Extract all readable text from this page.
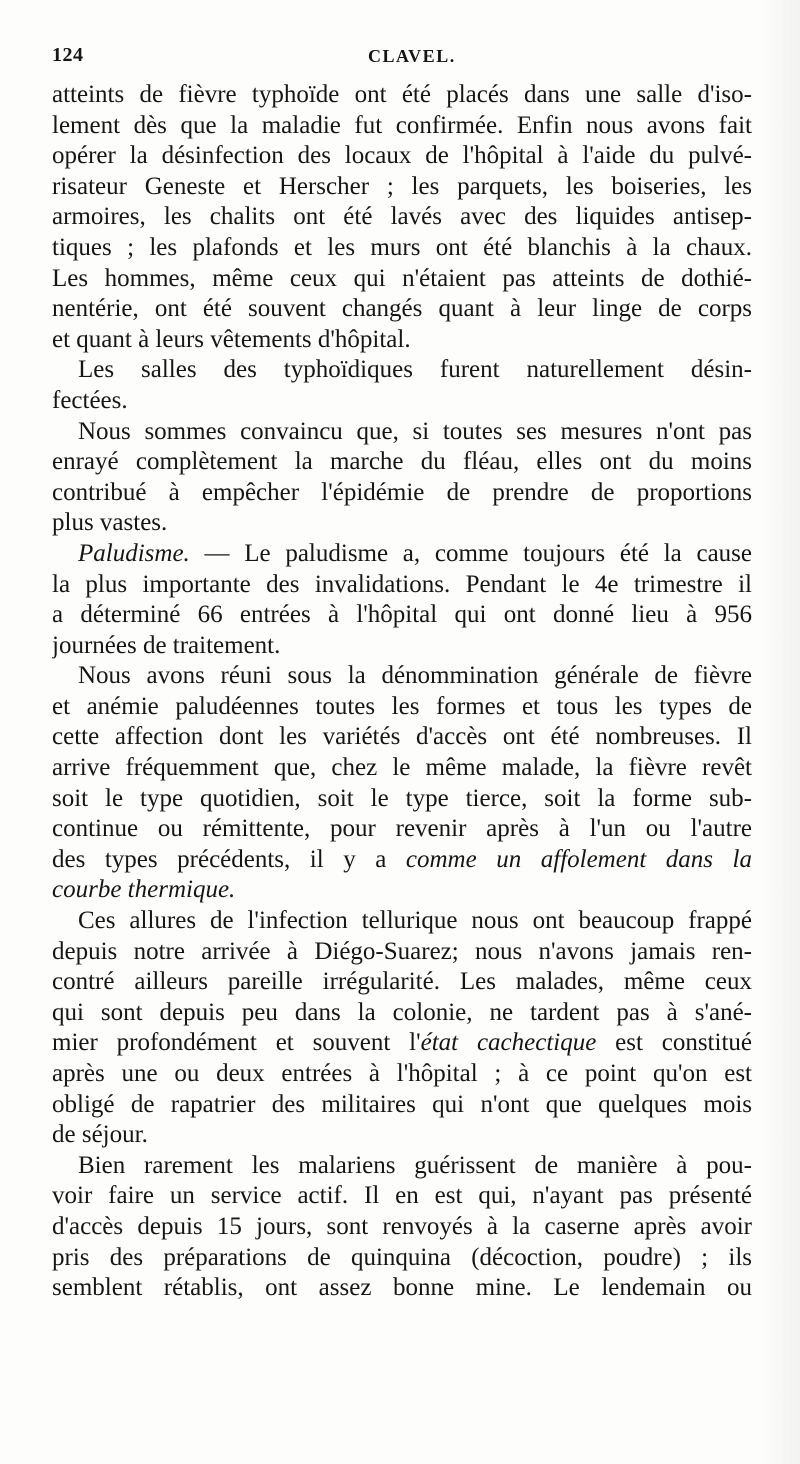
124	CLAVEL.
atteints de fièvre typhoïde ont été placés dans une salle d'iso-
lement dès que la maladie fut confirmée. Enfin nous avons fait
opérer la désinfection des locaux de l'hôpital à l'aide du pulvé-
risateur Geneste et Herscher ; les parquets, les boiseries, les
armoires, les chalits ont été lavés avec des liquides antisep-
tiques ; les plafonds et les murs ont été blanchis à la chaux.
Les hommes, même ceux qui n'étaient pas atteints de dothié-
nentérie, ont été souvent changés quant à leur linge de corps
et quant à leurs vêtements d'hôpital.
Les salles des typhoïdiques furent naturellement désin-
fectées.
Nous sommes convaincu que, si toutes ses mesures n'ont pas
enrayé complètement la marche du fléau, elles ont du moins
contribué à empêcher l'épidémie de prendre de proportions
plus vastes.
Paludisme. — Le paludisme a, comme toujours été la cause
la plus importante des invalidations. Pendant le 4e trimestre il
a déterminé 66 entrées à l'hôpital qui ont donné lieu à 956
journées de traitement.
Nous avons réuni sous la dénommination générale de fièvre
et anémie paludéennes toutes les formes et tous les types de
cette affection dont les variétés d'accès ont été nombreuses. Il
arrive fréquemment que, chez le même malade, la fièvre revêt
soit le type quotidien, soit le type tierce, soit la forme sub-
continue ou rémittente, pour revenir après à l'un ou l'autre
des types précédents, il y a comme un affolement dans la
courbe thermique.
Ces allures de l'infection tellurique nous ont beaucoup frappé
depuis notre arrivée à Diégo-Suarez; nous n'avons jamais ren-
contré ailleurs pareille irrégularité. Les malades, même ceux
qui sont depuis peu dans la colonie, ne tardent pas à s'ané-
mier profondément et souvent l'état cachectique est constitué
après une ou deux entrées à l'hôpital ; à ce point qu'on est
obligé de rapatrier des militaires qui n'ont que quelques mois
de séjour.
Bien rarement les malariens guérissent de manière à pou-
voir faire un service actif. Il en est qui, n'ayant pas présenté
d'accès depuis 15 jours, sont renvoyés à la caserne après avoir
pris des préparations de quinquina (décoction, poudre) ; ils
semblent rétablis, ont assez bonne mine. Le lendemain ou
